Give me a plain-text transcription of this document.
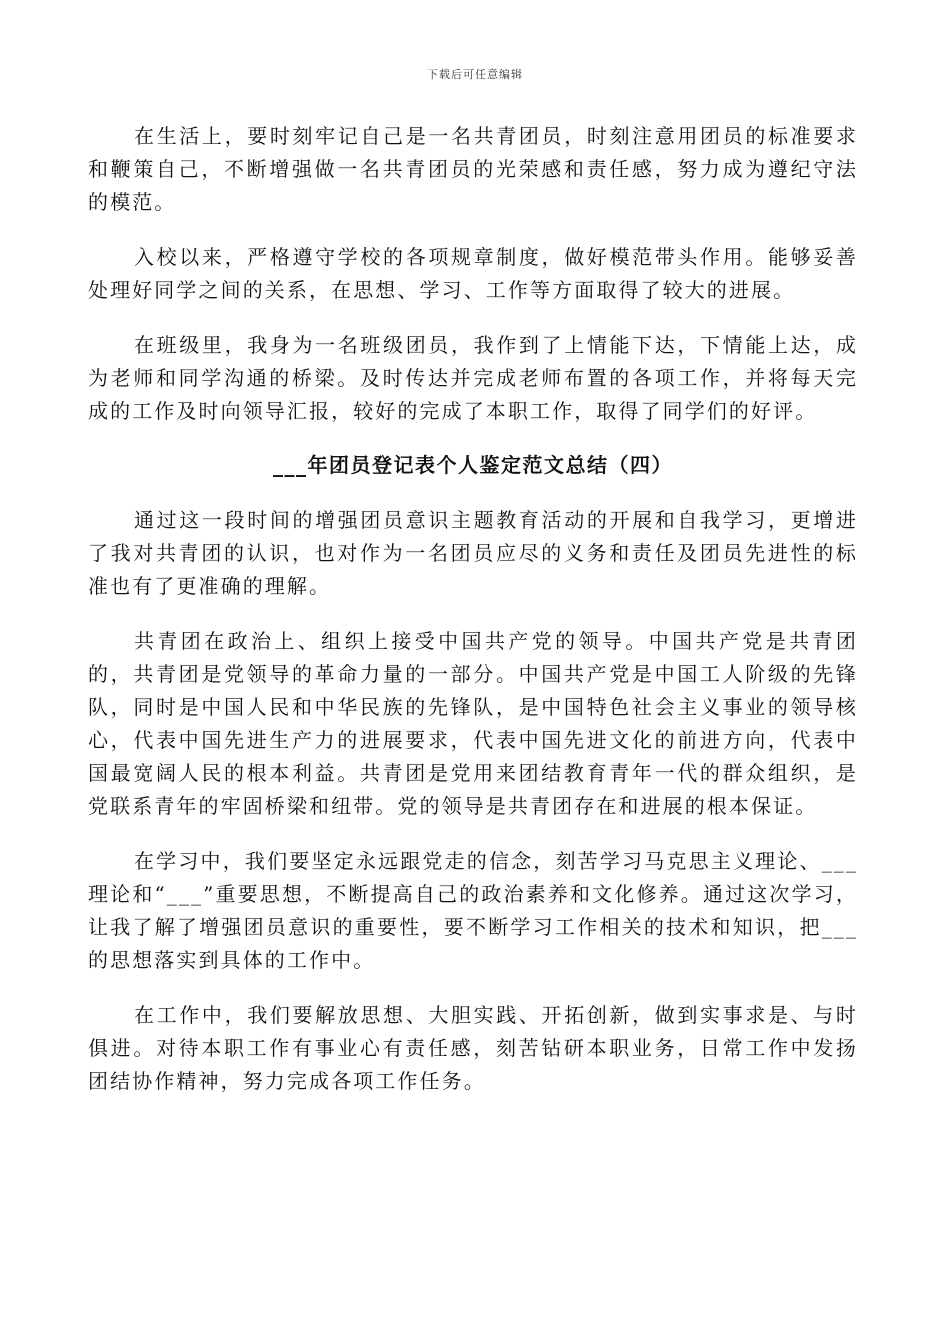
下载后可任意编辑

在生活上，要时刻牢记自己是一名共青团员，时刻注意用团员的标准要求和鞭策自己，不断增强做一名共青团员的光荣感和责任感，努力成为遵纪守法的模范。

入校以来，严格遵守学校的各项规章制度，做好模范带头作用。能够妥善处理好同学之间的关系，在思想、学习、工作等方面取得了较大的进展。

在班级里，我身为一名班级团员，我作到了上情能下达，下情能上达，成为老师和同学沟通的桥梁。及时传达并完成老师布置的各项工作，并将每天完成的工作及时向领导汇报，较好的完成了本职工作，取得了同学们的好评。

___年团员登记表个人鉴定范文总结（四）

通过这一段时间的增强团员意识主题教育活动的开展和自我学习，更增进了我对共青团的认识，也对作为一名团员应尽的义务和责任及团员先进性的标准也有了更准确的理解。

共青团在政治上、组织上接受中国共产党的领导。中国共产党是共青团的，共青团是党领导的革命力量的一部分。中国共产党是中国工人阶级的先锋队，同时是中国人民和中华民族的先锋队，是中国特色社会主义事业的领导核心，代表中国先进生产力的进展要求，代表中国先进文化的前进方向，代表中国最宽阔人民的根本利益。共青团是党用来团结教育青年一代的群众组织，是党联系青年的牢固桥梁和纽带。党的领导是共青团存在和进展的根本保证。

在学习中，我们要坚定永远跟党走的信念，刻苦学习马克思主义理论、___理论和“___”重要思想，不断提高自己的政治素养和文化修养。通过这次学习，让我了解了增强团员意识的重要性，要不断学习工作相关的技术和知识，把___的思想落实到具体的工作中。

在工作中，我们要解放思想、大胆实践、开拓创新，做到实事求是、与时俱进。对待本职工作有事业心有责任感，刻苦钻研本职业务，日常工作中发扬团结协作精神，努力完成各项工作任务。
